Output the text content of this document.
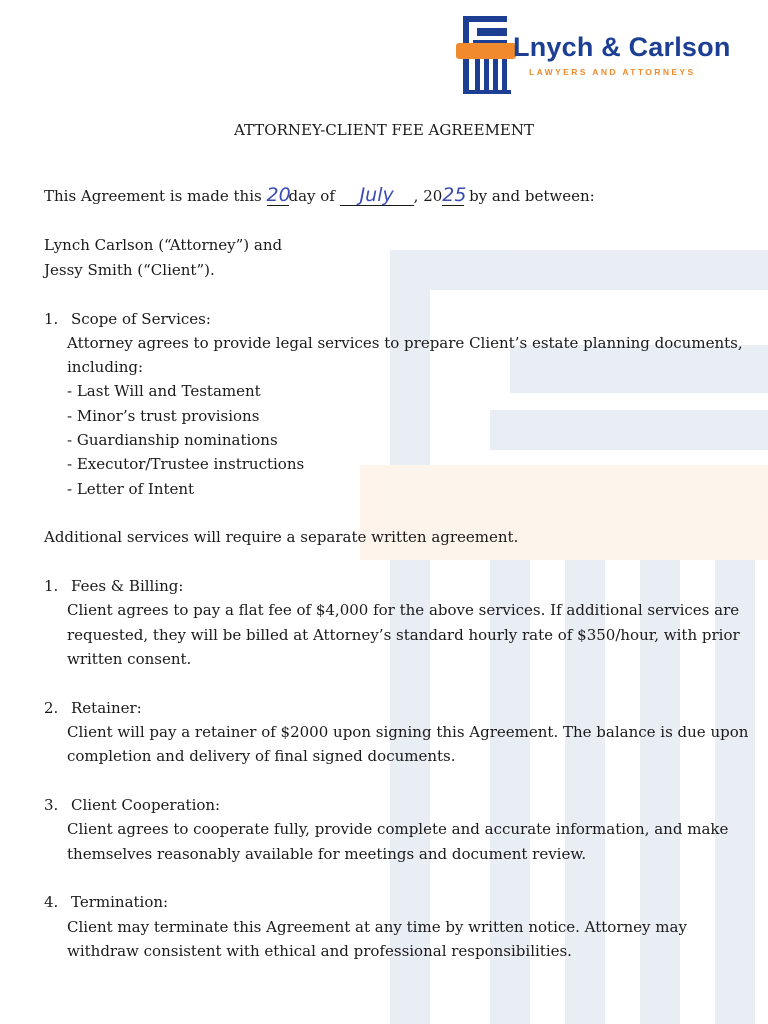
Lnych & Carlson
LAWYERS AND ATTORNEYS
ATTORNEY-CLIENT FEE AGREEMENT
This Agreement is made this 20day of July , 2025 by and between:
Lynch Carlson (“Attorney”) and
Jessy Smith (“Client”).
1. Scope of Services:
Attorney agrees to provide legal services to prepare Client’s estate planning documents,
including:
- Last Will and Testament
- Minor’s trust provisions
- Guardianship nominations
- Executor/Trustee instructions
- Letter of Intent
Additional services will require a separate written agreement.
1. Fees & Billing:
Client agrees to pay a flat fee of $4,000 for the above services. If additional services are
requested, they will be billed at Attorney’s standard hourly rate of $350/hour, with prior
written consent.
2. Retainer:
Client will pay a retainer of $2000 upon signing this Agreement. The balance is due upon
completion and delivery of final signed documents.
3. Client Cooperation:
Client agrees to cooperate fully, provide complete and accurate information, and make
themselves reasonably available for meetings and document review.
4. Termination:
Client may terminate this Agreement at any time by written notice. Attorney may
withdraw consistent with ethical and professional responsibilities.
